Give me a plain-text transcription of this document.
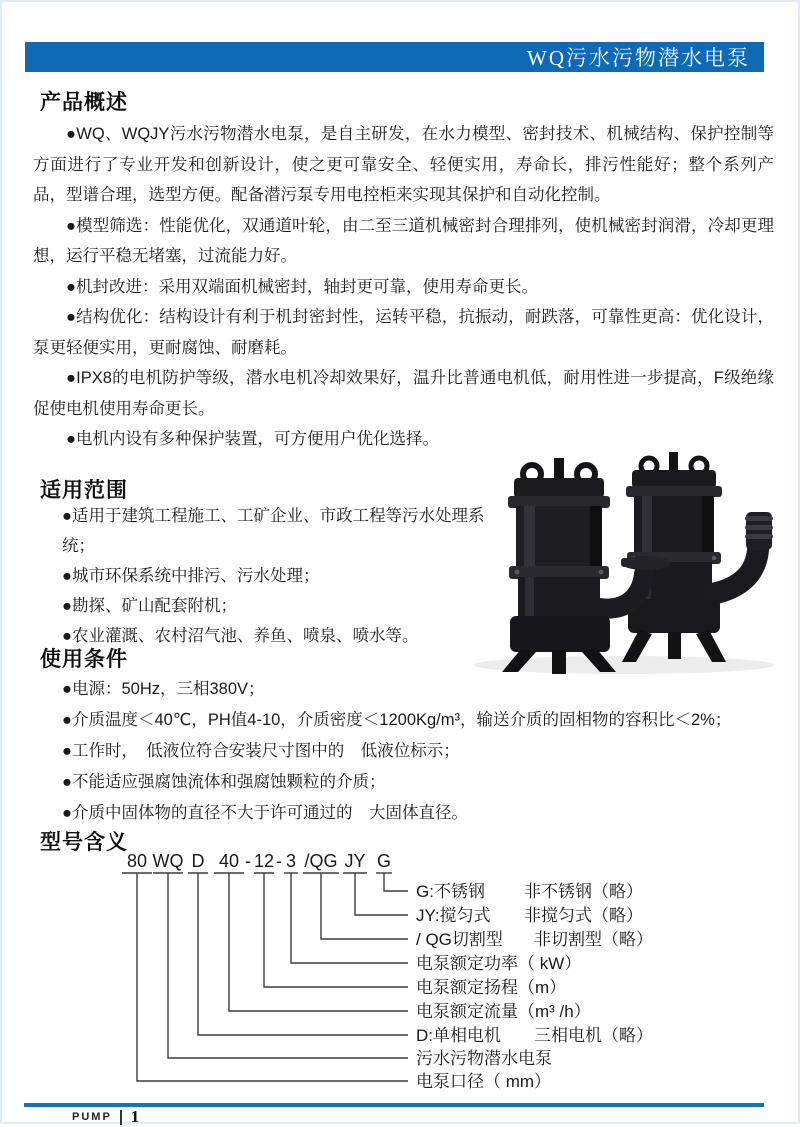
WQ污水污物潜水电泵
产品概述

●WQ、WQJY污水污物潜水电泵，是自主研发，在水力模型、密封技术、机械结构、保护控制等方面进行了专业开发和创新设计，使之更可靠安全、轻便实用，寿命长，排污性能好；整个系列产品，型谱合理，选型方便。配备潜污泵专用电控柜来实现其保护和自动化控制。

●模型筛选：性能优化，双通道叶轮，由二至三道机械密封合理排列，使机械密封润滑，冷却更理想，运行平稳无堵塞，过流能力好。

●机封改进：采用双端面机械密封，轴封更可靠，使用寿命更长。

●结构优化：结构设计有利于机封密封性，运转平稳，抗振动，耐跌落，可靠性更高：优化设计，泵更轻便实用，更耐腐蚀、耐磨耗。

●IPX8的电机防护等级，潜水电机冷却效果好，温升比普通电机低，耐用性进一步提高，F级绝缘促使电机使用寿命更长。

●电机内设有多种保护装置，可方便用户优化选择。

适用范围
●适用于建筑工程施工、工矿企业、市政工程等污水处理系统；
●城市环保系统中排污、污水处理；
●勘探、矿山配套附机；
●农业灌溉、农村沼气池、养鱼、喷泉、喷水等。
使用条件
●电源：50Hz，三相380V；
●介质温度＜40℃，PH值4-10，介质密度＜1200Kg/m³，输送介质的固相物的容积比＜2%；
●工作时，　低液位符合安装尺寸图中的　低液位标示；
●不能适应强腐蚀流体和强腐蚀颗粒的介质；
●介质中固体物的直径不大于许可通过的　大固体直径。
型号含义
80 WQ D 40 - 12 - 3 /QG JY G
G:不锈钢 非不锈钢（略）
JY:搅匀式 非搅匀式（略）
/ QG切割型 非切割型（略）
电泵额定功率（ kW）
电泵额定扬程（m）
电泵额定流量（m³ /h）
D:单相电机 三相电机（略）
污水污物潜水电泵
电泵口径（ mm）
PUMP 1
